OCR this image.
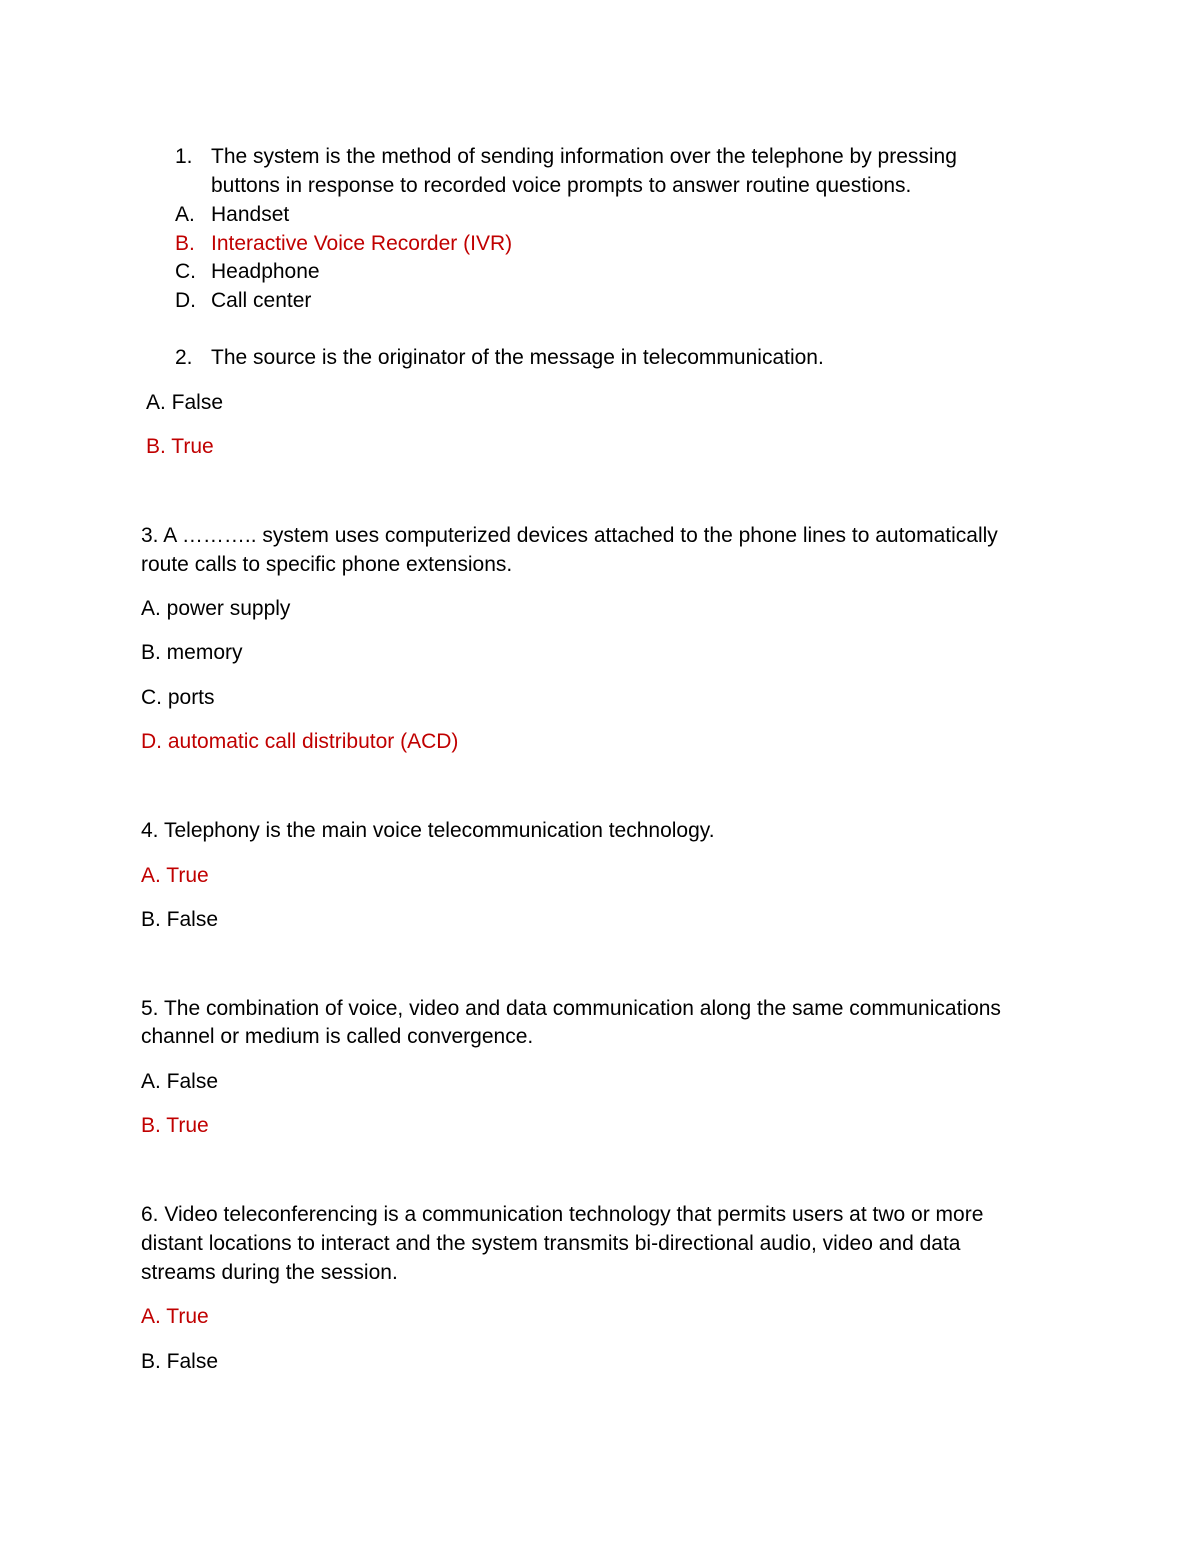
1. The system is the method of sending information over the telephone by pressing
buttons in response to recorded voice prompts to answer routine questions.
A. Handset
B. Interactive Voice Recorder (IVR)
C. Headphone
D. Call center
2. The source is the originator of the message in telecommunication.
A. False
B. True
3. A ……….. system uses computerized devices attached to the phone lines to automatically
route calls to specific phone extensions.
A. power supply
B. memory
C. ports
D. automatic call distributor (ACD)
4. Telephony is the main voice telecommunication technology.
A. True
B. False
5. The combination of voice, video and data communication along the same communications
channel or medium is called convergence.
A. False
B. True
6. Video teleconferencing is a communication technology that permits users at two or more
distant locations to interact and the system transmits bi-directional audio, video and data
streams during the session.
A. True
B. False
